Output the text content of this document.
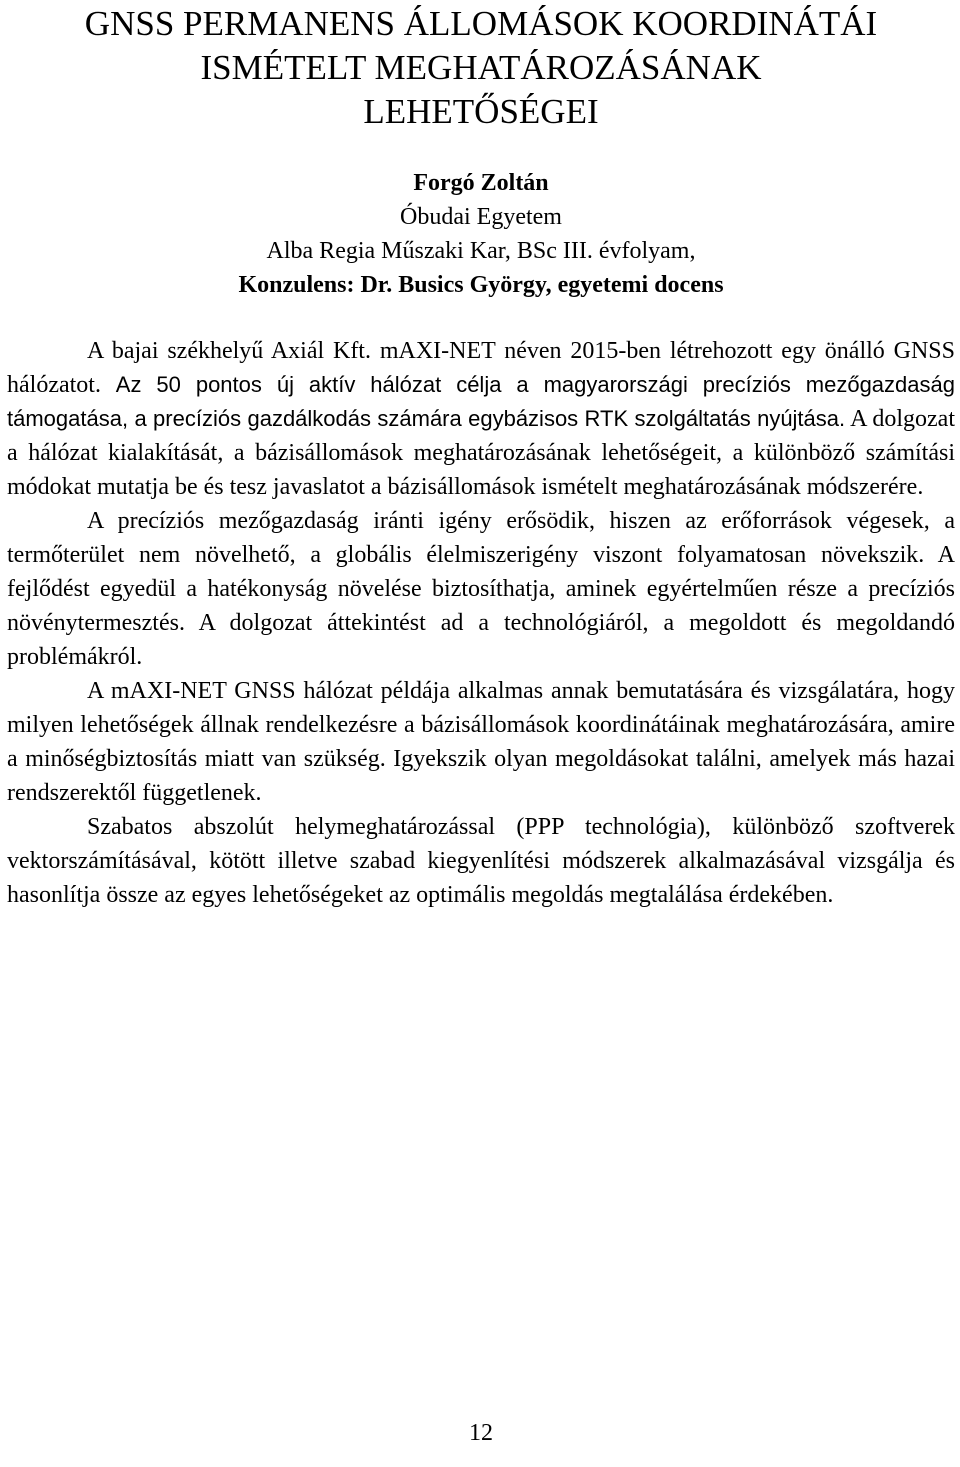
GNSS PERMANENS ÁLLOMÁSOK KOORDINÁTÁI
ISMÉTELT MEGHATÁROZÁSÁNAK
LEHETŐSÉGEI
Forgó Zoltán
Óbudai Egyetem
Alba Regia Műszaki Kar, BSc III. évfolyam,
Konzulens: Dr. Busics György, egyetemi docens

A bajai székhelyű Axiál Kft. mAXI-NET néven 2015-ben létrehozott egy önálló GNSS hálózatot. Az 50 pontos új aktív hálózat célja a magyarországi precíziós mezőgazdaság támogatása, a precíziós gazdálkodás számára egybázisos RTK szolgáltatás nyújtása. A dolgozat a hálózat kialakítását, a bázisállomások meghatározásának lehetőségeit, a különböző számítási módokat mutatja be és tesz javaslatot a bázisállomások ismételt meghatározásának módszerére.

A precíziós mezőgazdaság iránti igény erősödik, hiszen az erőforrások végesek, a termőterület nem növelhető, a globális élelmiszerigény viszont folyamatosan növekszik. A fejlődést egyedül a hatékonyság növelése biztosíthatja, aminek egyértelműen része a precíziós növénytermesztés. A dolgozat áttekintést ad a technológiáról, a megoldott és megoldandó problémákról.

A mAXI-NET GNSS hálózat példája alkalmas annak bemutatására és vizsgálatára, hogy milyen lehetőségek állnak rendelkezésre a bázisállomások koordinátáinak meghatározására, amire a minőségbiztosítás miatt van szükség. Igyekszik olyan megoldásokat találni, amelyek más hazai rendszerektől függetlenek.

Szabatos abszolút helymeghatározással (PPP technológia), különböző szoftverek vektorszámításával, kötött illetve szabad kiegyenlítési módszerek alkalmazásával vizsgálja és hasonlítja össze az egyes lehetőségeket az optimális megoldás megtalálása érdekében.

12
